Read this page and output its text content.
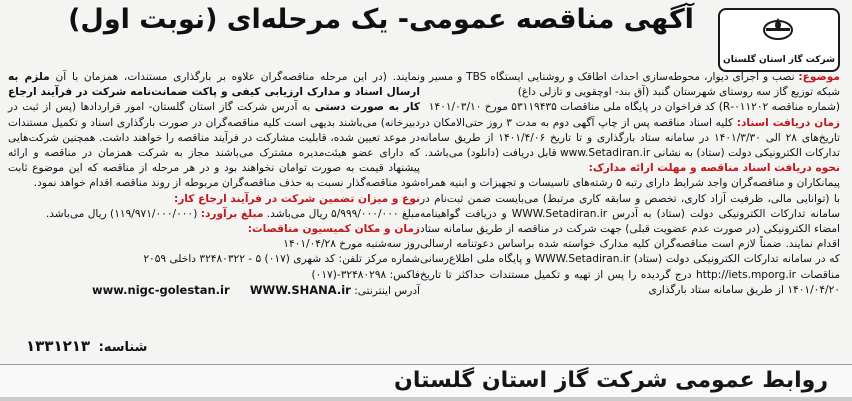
آگهی مناقصه عمومی- یک مرحله‌ای (نوبت اول)
شرکت گاز استان گلستان
موضوع: نصب و اجرای دیوار، محوطه‌سازی احداث اطاقک و روشنایی ایستگاه TBS و مسیر و شبکه توزیع گاز سه روستای شهرستان گنبد (آق بند- اوچقویی و تازلی داغ)
(شماره مناقصه ۰۱۱۲۰۲-R) کد فراخوان در پایگاه ملی مناقصات ۵۳۱۱۹۴۳۵ مورخ ۱۴۰۱/۰۳/۱۰
زمان دریافت اسناد: کلیه اسناد مناقصه پس از چاپ آگهی دوم به مدت ۳ روز حتی‌الامکان در تاریخ‌های ۲۸ الی ۱۴۰۱/۳/۳۰ در سامانه ستاد بارگذاری و تا تاریخ ۱۴۰۱/۴/۰۶ از طریق سامانه تدارکات الکترونیکی دولت (ستاد) به نشانی www.Setadiran.ir قابل دریافت (دانلود) می‌باشد.
نحوه دریافت اسناد مناقصه و مهلت ارائه مدارک:
پیمانکاران و مناقصه‌گران واجد شرایط دارای رتبه ۵ رشته‌های تاسیسات و تجهیزات و ابنیه همراه با (توانایی مالی، ظرفیت آزاد کاری، تخصص و سابقه کاری مرتبط) می‌بایست ضمن ثبت‌نام در سامانه تدارکات الکترونیکی دولت (ستاد) به آدرس WWW.Setadiran.ir و دریافت گواهینامه امضاء الکترونیکی (در صورت عدم عضویت قبلی) جهت شرکت در مناقصه از طریق سامانه ستاد اقدام نمایند. ضمناً لازم است مناقصه‌گران کلیه مدارک خواسته شده براساس دعوتنامه ارسالی که در سامانه تدارکات الکترونیکی دولت (ستاد) WWW.Setadiran.ir و پایگاه ملی اطلاع‌رسانی مناقصات http://iets.mporg.ir درج گردیده را پس از تهیه و تکمیل مستندات حداکثر تا تاریخ ۱۴۰۱/۰۴/۲۰ از طریق سامانه ستاد بارگذاری
نمایند. (در این مرحله مناقصه‌گران علاوه بر بارگذاری مستندات، همزمان با آن ملزم به ارسال اسناد و مدارک ارزیابی کیفی و پاکت ضمانت‌نامه شرکت در فرآیند ارجاع کار به صورت دستی به آدرس شرکت گاز استان گلستان- امور قراردادها (پس از ثبت در دبیرخانه) می‌باشند بدیهی است کلیه مناقصه‌گران در صورت بارگذاری اسناد و تکمیل مستندات در موعد تعیین شده، قابلیت مشارکت در فرآیند مناقصه را خواهند داشت. همچنین شرکت‌هایی که دارای عضو هیئت‌مدیره مشترک می‌باشند مجاز به شرکت همزمان در مناقصه و ارائه پیشنهاد قیمت به صورت توامان نخواهند بود و در هر مرحله از مناقصه که این موضوع ثابت شود مناقصه‌گذار نسبت به حذف مناقصه‌گران مربوطه از روند مناقصه اقدام خواهد نمود.
نوع و میزان تضمین شرکت در فرآیند ارجاع کار:
مبلغ ۵/۹۹۹/۰۰۰/۰۰۰ ریال می‌باشد. مبلغ برآورد: (۱۱۹/۹۷۱/۰۰۰/۰۰۰) ریال می‌باشد.
زمان و مکان کمیسیون مناقصات:
روز سه‌شنبه مورخ ۱۴۰۱/۰۴/۲۸
شماره مرکز تلفن: کد شهری (۰۱۷) ۵ - ۳۲۴۸۰۳۲۲ داخلی ۲۰۵۹
فاکس: ۳۲۴۸۰۲۹۸-(۰۱۷)
آدرس اینترنتی: www.nigc-golestan.ir WWW.SHANA.ir
شناسه: ۱۳۳۱۲۱۳
روابط عمومی شرکت گاز استان گلستان
